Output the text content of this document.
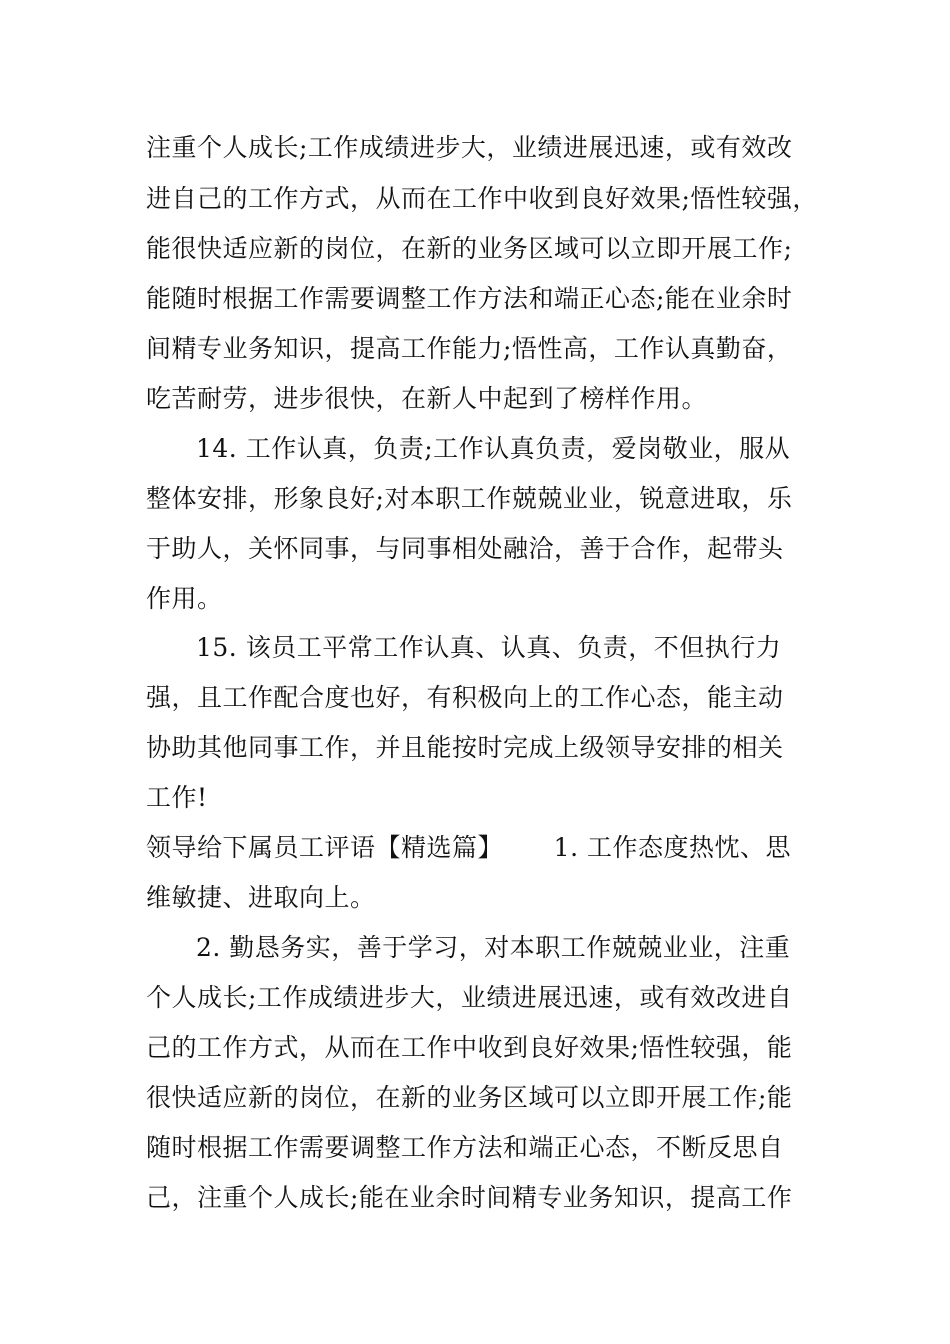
注重个人成长;工作成绩进步大，业绩进展迅速，或有效改
进自己的工作方式，从而在工作中收到良好效果;悟性较强，
能很快适应新的岗位，在新的业务区域可以立即开展工作;
能随时根据工作需要调整工作方法和端正心态;能在业余时
间精专业务知识，提高工作能力;悟性高，工作认真勤奋，
吃苦耐劳，进步很快，在新人中起到了榜样作用。
14. 工作认真，负责;工作认真负责，爱岗敬业，服从
整体安排，形象良好;对本职工作兢兢业业，锐意进取，乐
于助人，关怀同事，与同事相处融洽，善于合作，起带头
作用。
15. 该员工平常工作认真、认真、负责，不但执行力
强，且工作配合度也好，有积极向上的工作心态，能主动
协助其他同事工作，并且能按时完成上级领导安排的相关
工作!
领导给下属员工评语【精选篇】      1. 工作态度热忱、思
维敏捷、进取向上。
2. 勤恳务实，善于学习，对本职工作兢兢业业，注重
个人成长;工作成绩进步大，业绩进展迅速，或有效改进自
己的工作方式，从而在工作中收到良好效果;悟性较强，能
很快适应新的岗位，在新的业务区域可以立即开展工作;能
随时根据工作需要调整工作方法和端正心态，不断反思自
己，注重个人成长;能在业余时间精专业务知识，提高工作
